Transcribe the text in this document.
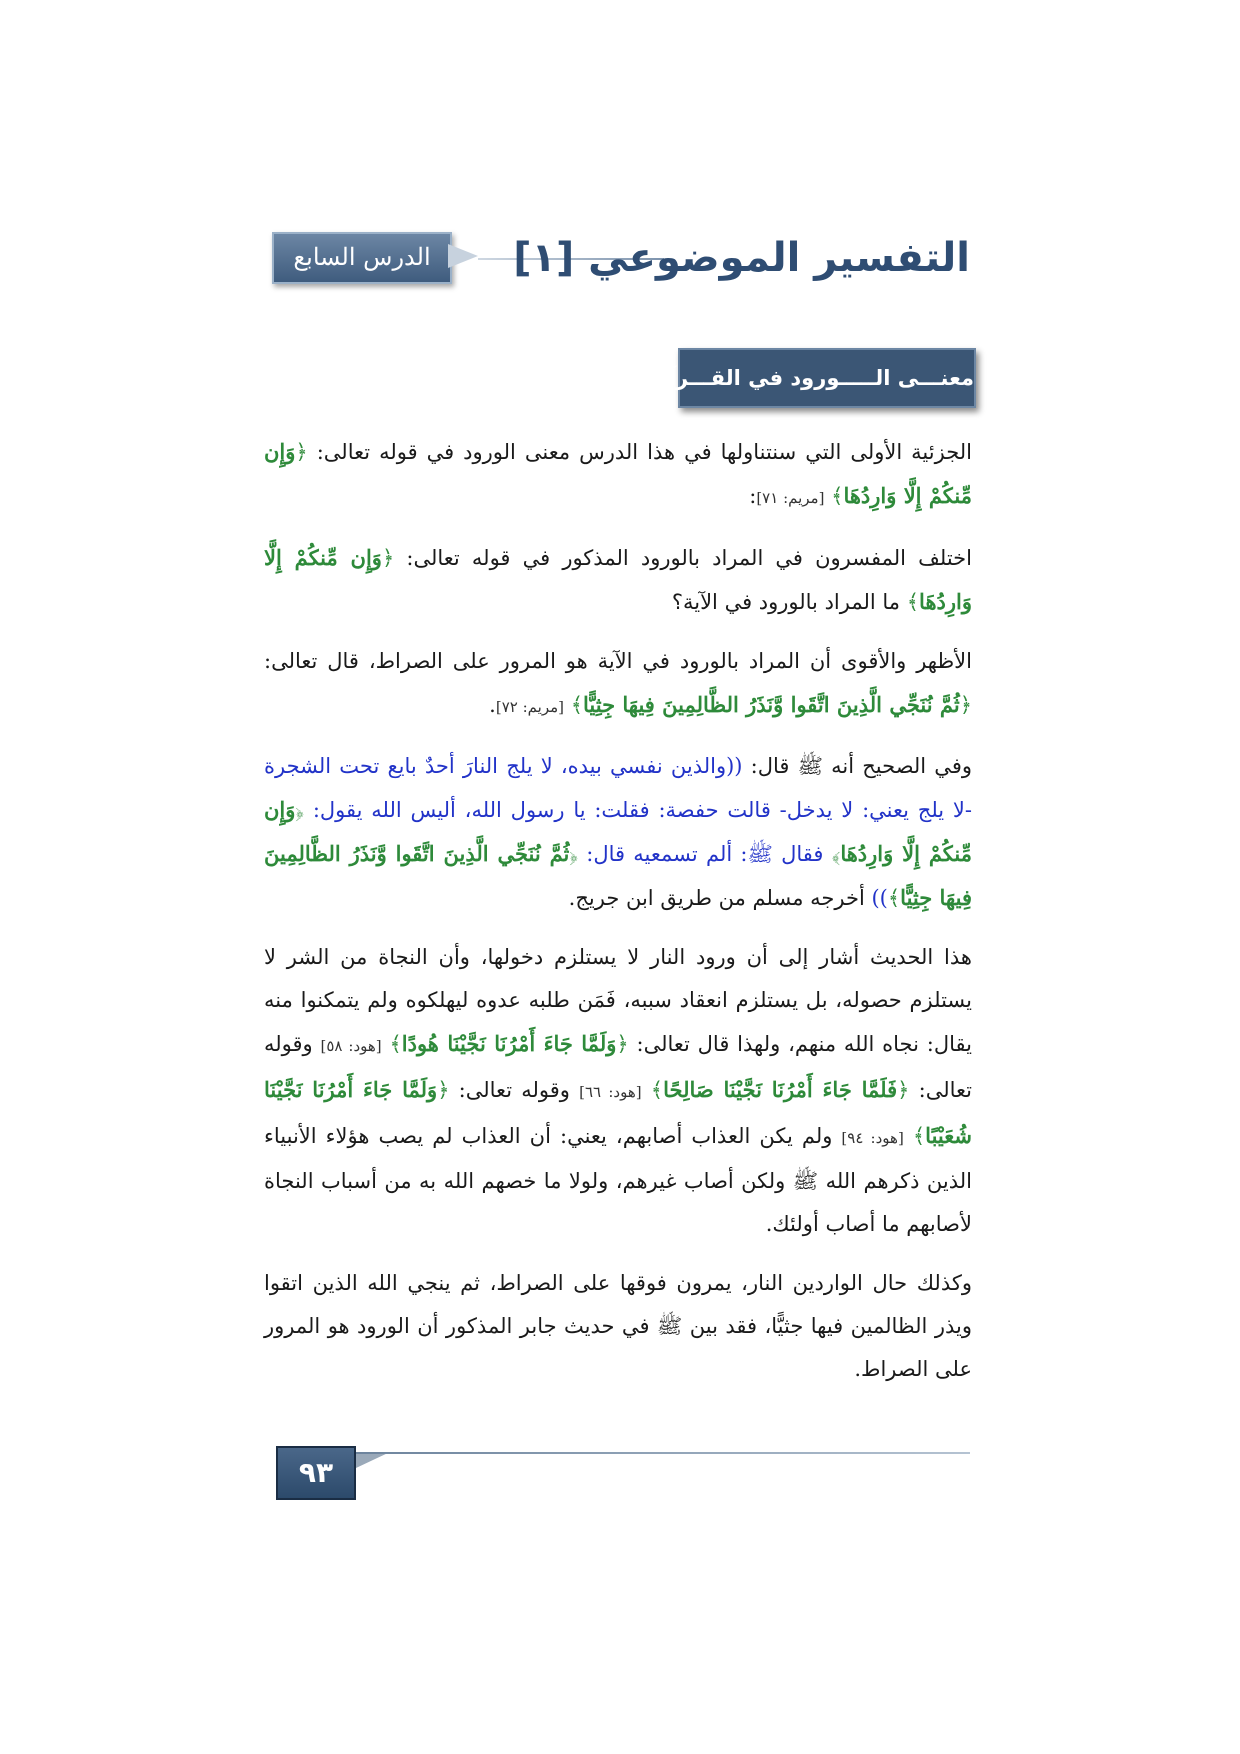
الدرس السابع	التفسير الموضوعي [١]
معنـــى الـــــورود في القـــرآن

الجزئية الأولى التي سنتناولها في هذا الدرس معنى الورود في قوله تعالى: ﴿وَإِن مِّنكُمْ إِلَّا وَارِدُهَا﴾ [مريم: ٧١]:

اختلف المفسرون في المراد بالورود المذكور في قوله تعالى: ﴿وَإِن مِّنكُمْ إِلَّا وَارِدُهَا﴾ ما المراد بالورود في الآية؟

الأظهر والأقوى أن المراد بالورود في الآية هو المرور على الصراط، قال تعالى: ﴿ثُمَّ نُنَجِّي الَّذِينَ اتَّقَوا وَّنَذَرُ الظَّالِمِينَ فِيهَا جِثِيًّا﴾ [مريم: ٧٢].

وفي الصحيح أنه ﷺ قال: ((والذين نفسي بيده، لا يلج النارَ أحدٌ بايع تحت الشجرة -لا يلج يعني: لا يدخل- قالت حفصة: فقلت: يا رسول الله، أليس الله يقول: ﴿وَإِن مِّنكُمْ إِلَّا وَارِدُهَا﴾ فقال ﷺ: ألم تسمعيه قال: ﴿ثُمَّ نُنَجِّي الَّذِينَ اتَّقَوا وَّنَذَرُ الظَّالِمِينَ فِيهَا جِثِيًّا﴾)) أخرجه مسلم من طريق ابن جريج.

هذا الحديث أشار إلى أن ورود النار لا يستلزم دخولها، وأن النجاة من الشر لا يستلزم حصوله، بل يستلزم انعقاد سببه، فَمَن طلبه عدوه ليهلكوه ولم يتمكنوا منه يقال: نجاه الله منهم، ولهذا قال تعالى: ﴿وَلَمَّا جَاءَ أَمْرُنَا نَجَّيْنَا هُودًا﴾ [هود: ٥٨] وقوله تعالى: ﴿فَلَمَّا جَاءَ أَمْرُنَا نَجَّيْنَا صَالِحًا﴾ [هود: ٦٦] وقوله تعالى: ﴿وَلَمَّا جَاءَ أَمْرُنَا نَجَّيْنَا شُعَيْبًا﴾ [هود: ٩٤] ولم يكن العذاب أصابهم، يعني: أن العذاب لم يصب هؤلاء الأنبياء الذين ذكرهم الله ﷺ ولكن أصاب غيرهم، ولولا ما خصهم الله به من أسباب النجاة لأصابهم ما أصاب أولئك.

وكذلك حال الواردين النار، يمرون فوقها على الصراط، ثم ينجي الله الذين اتقوا ويذر الظالمين فيها جثيًّا، فقد بين ﷺ في حديث جابر المذكور أن الورود هو المرور على الصراط.

٩٣
